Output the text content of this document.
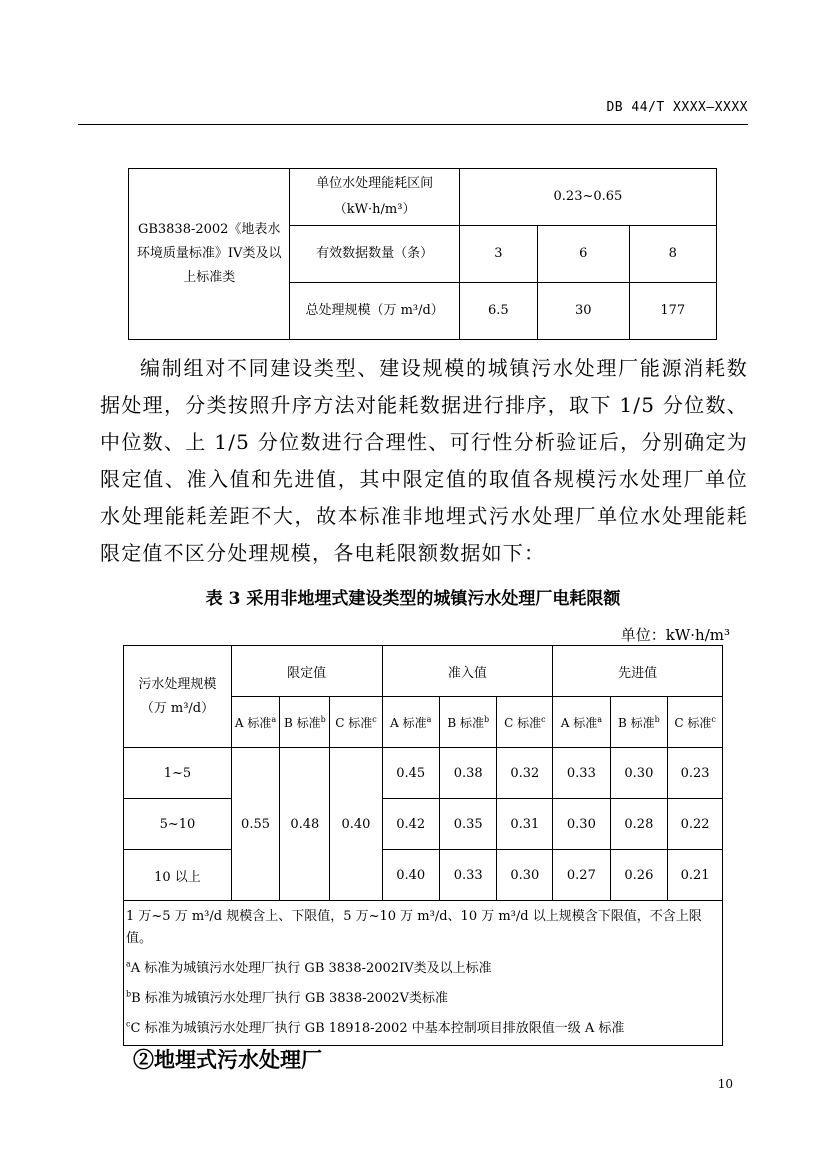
DB 44/T XXXX—XXXX
GB3838-2002《地表水环境质量标准》IV类及以上标准类	单位水处理能耗区间（kW·h/m³）	0.23~0.65		
	有效数据数量（条）	3	6	8
	总处理规模（万 m³/d）	6.5	30	177

编制组对不同建设类型、建设规模的城镇污水处理厂能源消耗数据处理，分类按照升序方法对能耗数据进行排序，取下 1/5 分位数、中位数、上 1/5 分位数进行合理性、可行性分析验证后，分别确定为限定值、准入值和先进值，其中限定值的取值各规模污水处理厂单位水处理能耗差距不大，故本标准非地埋式污水处理厂单位水处理能耗限定值不区分处理规模，各电耗限额数据如下：

表 3 采用非地埋式建设类型的城镇污水处理厂电耗限额
单位：kW·h/m³
污水处理规模（万 m³/d）	限定值			准入值			先进值		
	A 标准$^a$	B 标准$^b$	C 标准$^c$	A 标准$^a$	B 标准$^b$	C 标准$^c$	A 标准$^a$	B 标准$^b$	C 标准$^c$
1~5	0.55	0.48	0.40	0.45	0.38	0.32	0.33	0.30	0.23
5~10				0.42	0.35	0.31	0.30	0.28	0.22
10 以上				0.40	0.33	0.30	0.27	0.26	0.21

1 万~5 万 m³/d 规模含上、下限值，5 万~10 万 m³/d、10 万 m³/d 以上规模含下限值，不含上限值。
$^a$A 标准为城镇污水处理厂执行 GB 3838-2002IV类及以上标准
$^b$B 标准为城镇污水处理厂执行 GB 3838-2002V类标准
$^c$C 标准为城镇污水处理厂执行 GB 18918-2002 中基本控制项目排放限值一级 A 标准									
②地埋式污水处理厂
10
